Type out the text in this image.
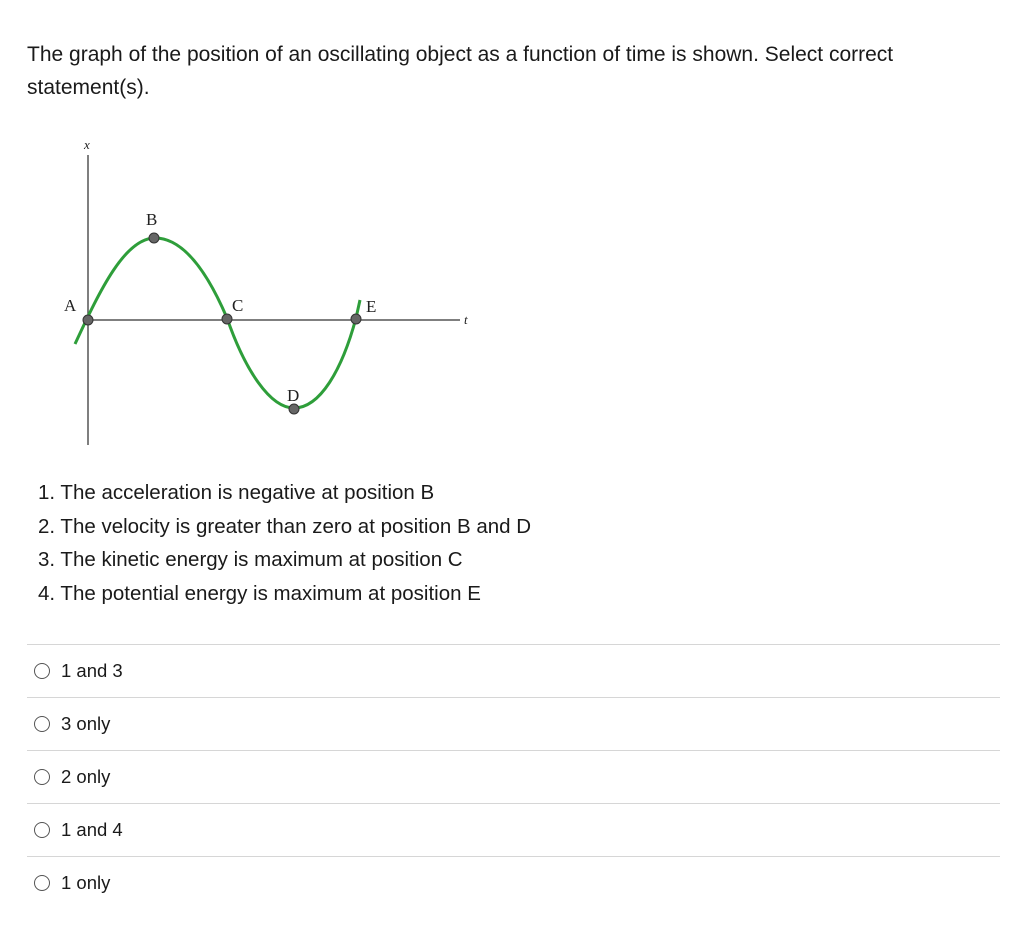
The graph of the position of an oscillating object as a function of time is shown. Select correct statement(s).

x
t
A
B
C
D
E
1. The acceleration is negative at position B
2. The velocity is greater than zero at position B and D
3. The kinetic energy is maximum at position C
4. The potential energy is maximum at position E
1 and 3
3 only
2 only
1 and 4
1 only
